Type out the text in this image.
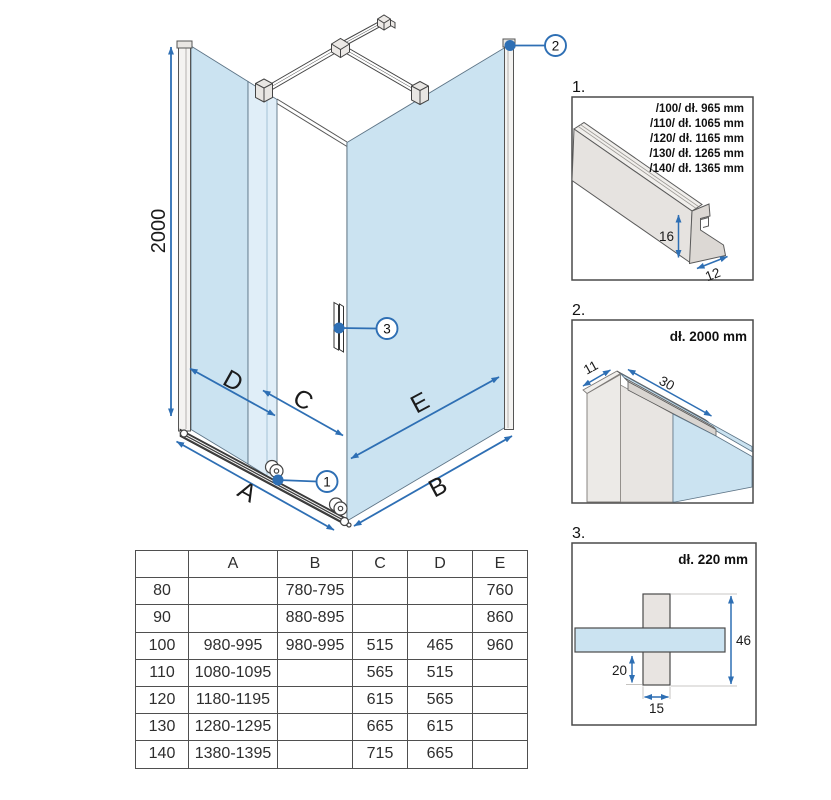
2000
D
C	E
A	B
1
2
3
1.
16
12
/100/ dł. 965 mm
/110/ dł. 1065 mm
/120/ dł. 1165 mm
/130/ dł. 1265 mm
/140/ dł. 1365 mm
2.
dł. 2000 mm
11
30
3.
dł. 220 mm
46
20
15
	A	B	C	D	E
80		780-795			760
90		880-895			860
100	980-995	980-995	515	465	960
110	1080-1095		565	515	
120	1180-1195		615	565	
130	1280-1295		665	615	
140	1380-1395		715	665	
